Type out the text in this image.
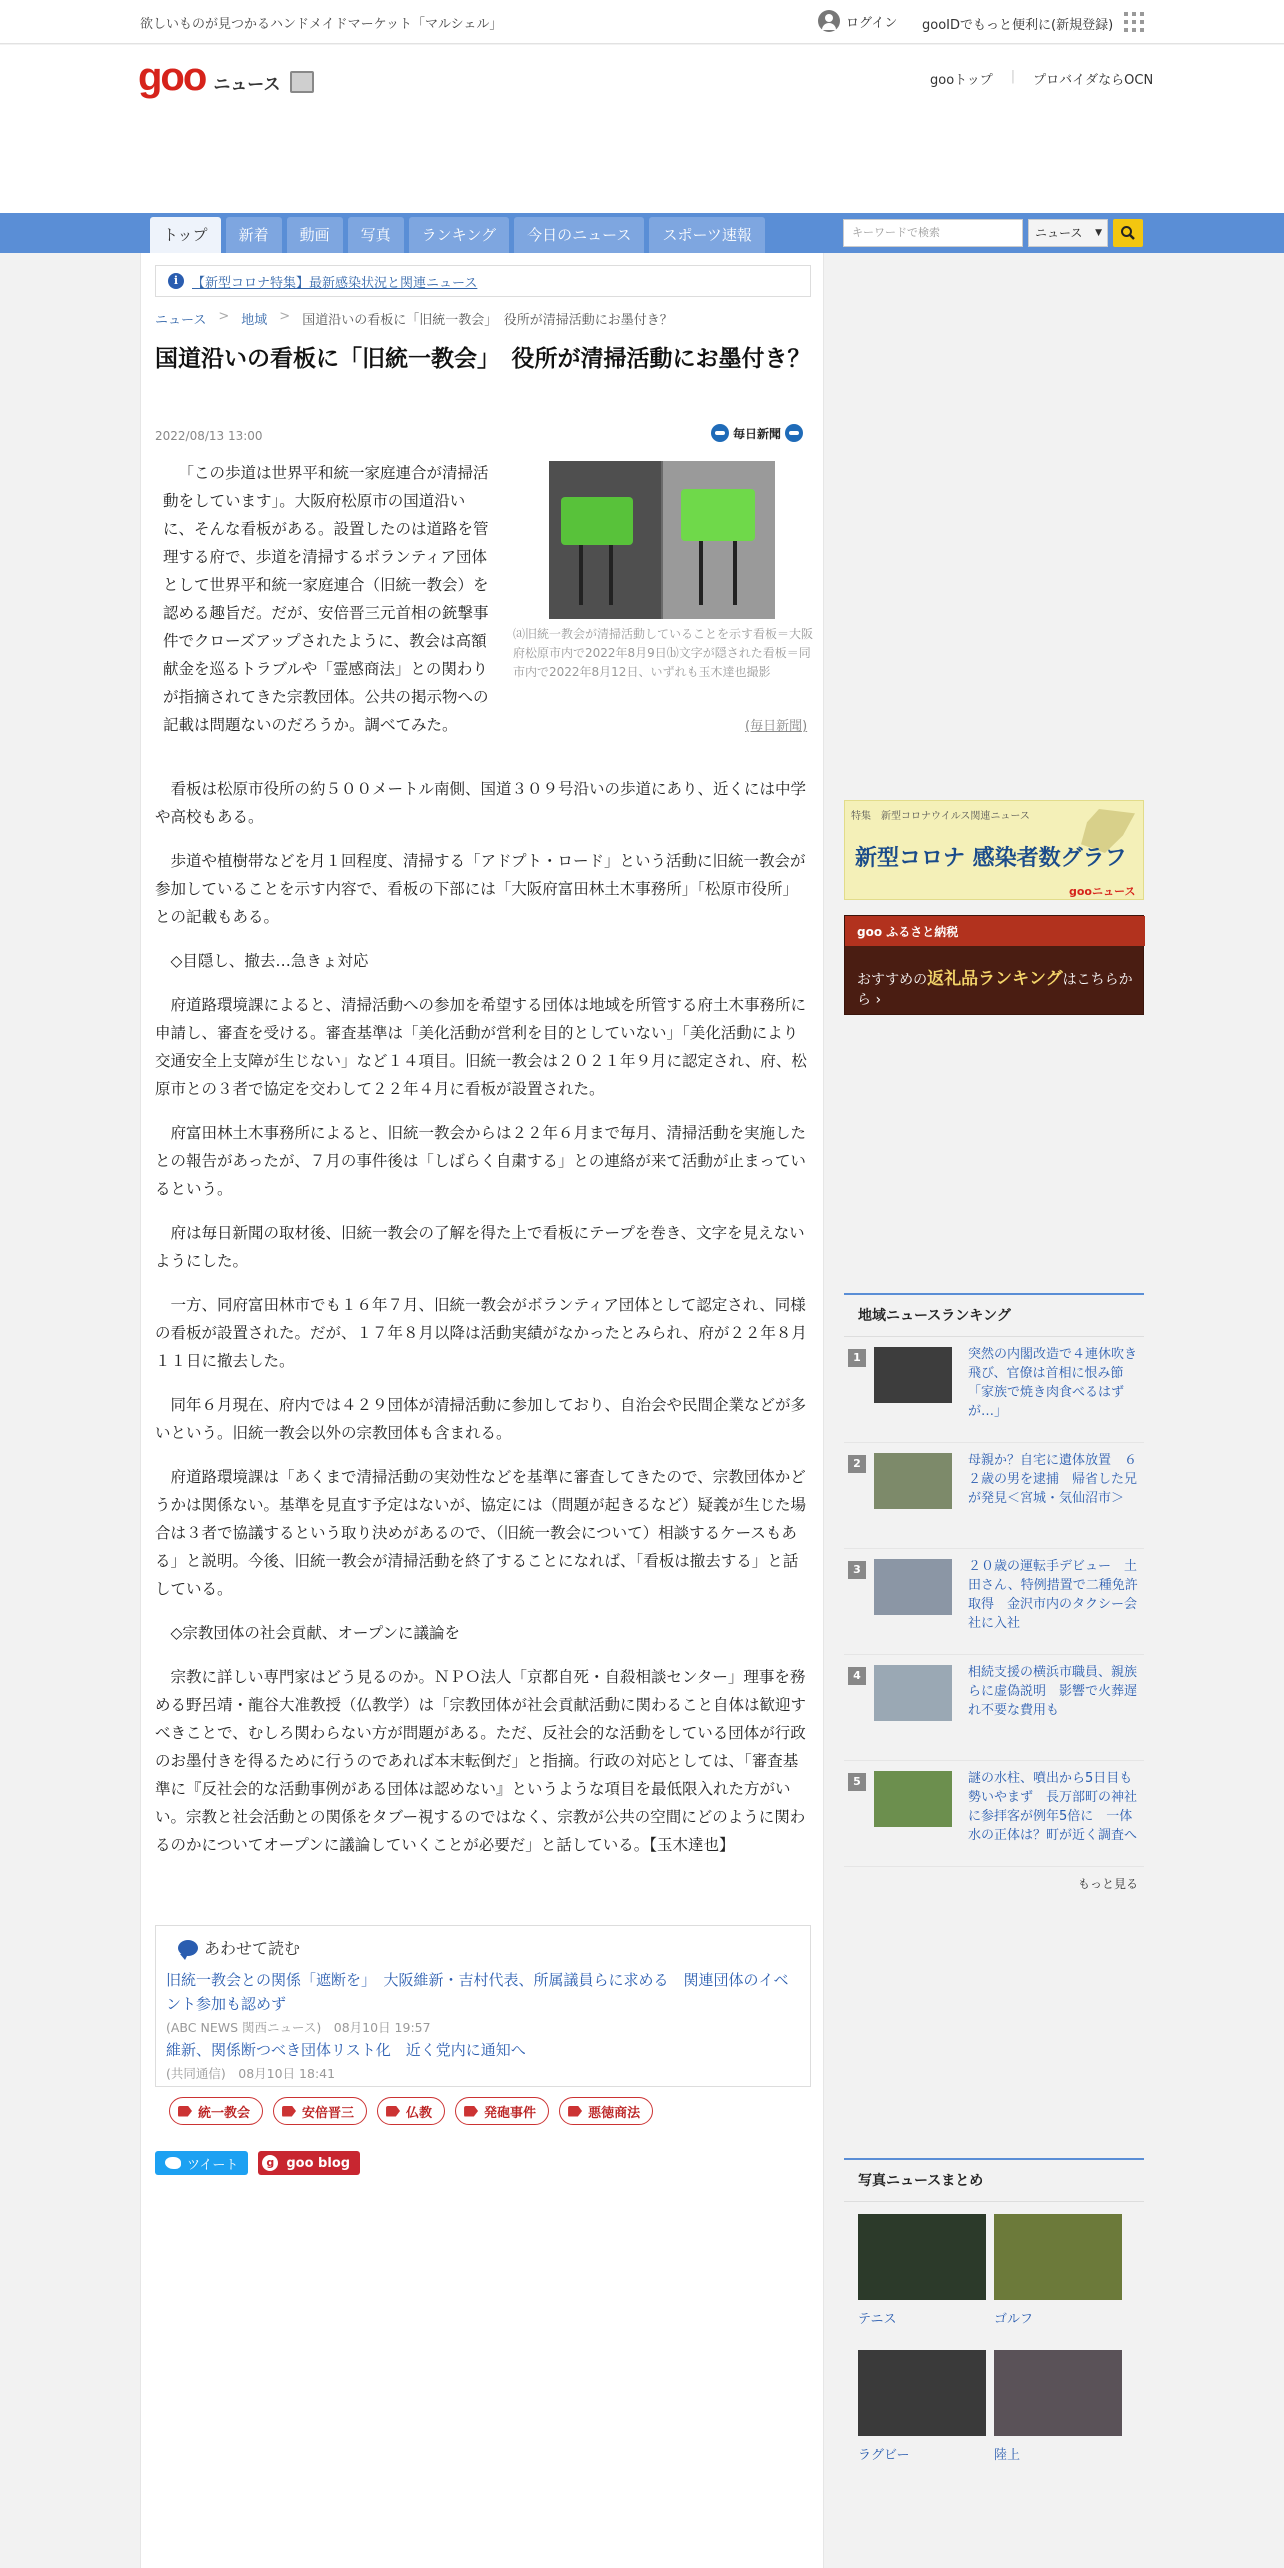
欲しいものが見つかるハンドメイドマーケット「マルシェル」	ログイン gooIDでもっと便利に(新規登録)
goo ニュース	gooトップ | プロバイダならOCN
トップ	新着	動画	写真	ランキング	今日のニュース	スポーツ速報	キーワードで検索	ニュース ▼
i	【新型コロナ特集】最新感染状況と関連ニュース
ニュース > 地域 > 国道沿いの看板に「旧統一教会」　役所が清掃活動にお墨付き？
国道沿いの看板に「旧統一教会」　役所が清掃活動にお墨付き？
2022/08/13 13:00	毎日新聞

「この歩道は世界平和統一家庭連合が清掃活動をしています」。大阪府松原市の国道沿いに、そんな看板がある。設置したのは道路を管理する府で、歩道を清掃するボランティア団体として世界平和統一家庭連合（旧統一教会）を認める趣旨だ。だが、安倍晋三元首相の銃撃事件でクローズアップされたように、教会は高額献金を巡るトラブルや「霊感商法」との関わりが指摘されてきた宗教団体。公共の掲示物への記載は問題ないのだろうか。調べてみた。

⒜旧統一教会が清掃活動していることを示す看板＝大阪府松原市内で2022年8月9日⒝文字が隠された看板＝同市内で2022年8月12日、いずれも玉木達也撮影
(毎日新聞)

看板は松原市役所の約５００メートル南側、国道３０９号沿いの歩道にあり、近くには中学や高校もある。

歩道や植樹帯などを月１回程度、清掃する「アドプト・ロード」という活動に旧統一教会が参加していることを示す内容で、看板の下部には「大阪府富田林土木事務所」「松原市役所」との記載もある。

◇目隠し、撤去…急きょ対応

府道路環境課によると、清掃活動への参加を希望する団体は地域を所管する府土木事務所に申請し、審査を受ける。審査基準は「美化活動が営利を目的としていない」「美化活動により交通安全上支障が生じない」など１４項目。旧統一教会は２０２１年９月に認定され、府、松原市との３者で協定を交わして２２年４月に看板が設置された。

府富田林土木事務所によると、旧統一教会からは２２年６月まで毎月、清掃活動を実施したとの報告があったが、７月の事件後は「しばらく自粛する」との連絡が来て活動が止まっているという。

府は毎日新聞の取材後、旧統一教会の了解を得た上で看板にテープを巻き、文字を見えないようにした。

一方、同府富田林市でも１６年７月、旧統一教会がボランティア団体として認定され、同様の看板が設置された。だが、１７年８月以降は活動実績がなかったとみられ、府が２２年８月１１日に撤去した。

同年６月現在、府内では４２９団体が清掃活動に参加しており、自治会や民間企業などが多いという。旧統一教会以外の宗教団体も含まれる。

府道路環境課は「あくまで清掃活動の実効性などを基準に審査してきたので、宗教団体かどうかは関係ない。基準を見直す予定はないが、協定には（問題が起きるなど）疑義が生じた場合は３者で協議するという取り決めがあるので、（旧統一教会について）相談するケースもある」と説明。今後、旧統一教会が清掃活動を終了することになれば、「看板は撤去する」と話している。

◇宗教団体の社会貢献、オープンに議論を

宗教に詳しい専門家はどう見るのか。ＮＰＯ法人「京都自死・自殺相談センター」理事を務める野呂靖・龍谷大准教授（仏教学）は「宗教団体が社会貢献活動に関わること自体は歓迎すべきことで、むしろ関わらない方が問題がある。ただ、反社会的な活動をしている団体が行政のお墨付きを得るために行うのであれば本末転倒だ」と指摘。行政の対応としては、「審査基準に『反社会的な活動事例がある団体は認めない』というような項目を最低限入れた方がいい。宗教と社会活動との関係をタブー視するのではなく、宗教が公共の空間にどのように関わるのかについてオープンに議論していくことが必要だ」と話している。【玉木達也】

あわせて読む
旧統一教会との関係「遮断を」　大阪維新・吉村代表、所属議員らに求める　関連団体のイベント参加も認めず
(ABC NEWS 関西ニュース)　08月10日 19:57
維新、関係断つべき団体リスト化　近く党内に通知へ
(共同通信)　08月10日 18:41
統一教会	安倍晋三	仏教	発砲事件	悪徳商法
ツイート	g goo blog
特集　新型コロナウイルス関連ニュース
新型コロナ 感染者数グラフ
gooニュース
goo ふるさと納税
おすすめの返礼品ランキングはこちらから ›
地域ニュースランキング
1	突然の内閣改造で４連休吹き飛び、官僚は首相に恨み節　「家族で焼き肉食べるはずが…」
2	母親か？自宅に遺体放置　６２歳の男を逮捕　帰省した兄が発見＜宮城・気仙沼市＞
3	２０歳の運転手デビュー　土田さん、特例措置で二種免許取得　金沢市内のタクシー会社に入社
4	相続支援の横浜市職員、親族らに虚偽説明　影響で火葬遅れ不要な費用も
5	謎の水柱、噴出から5日目も勢いやまず　長万部町の神社に参拝客が例年5倍に　一体水の正体は？町が近く調査へ
もっと見る
写真ニュースまとめ
テニス	ゴルフ
ラグビー	陸上
